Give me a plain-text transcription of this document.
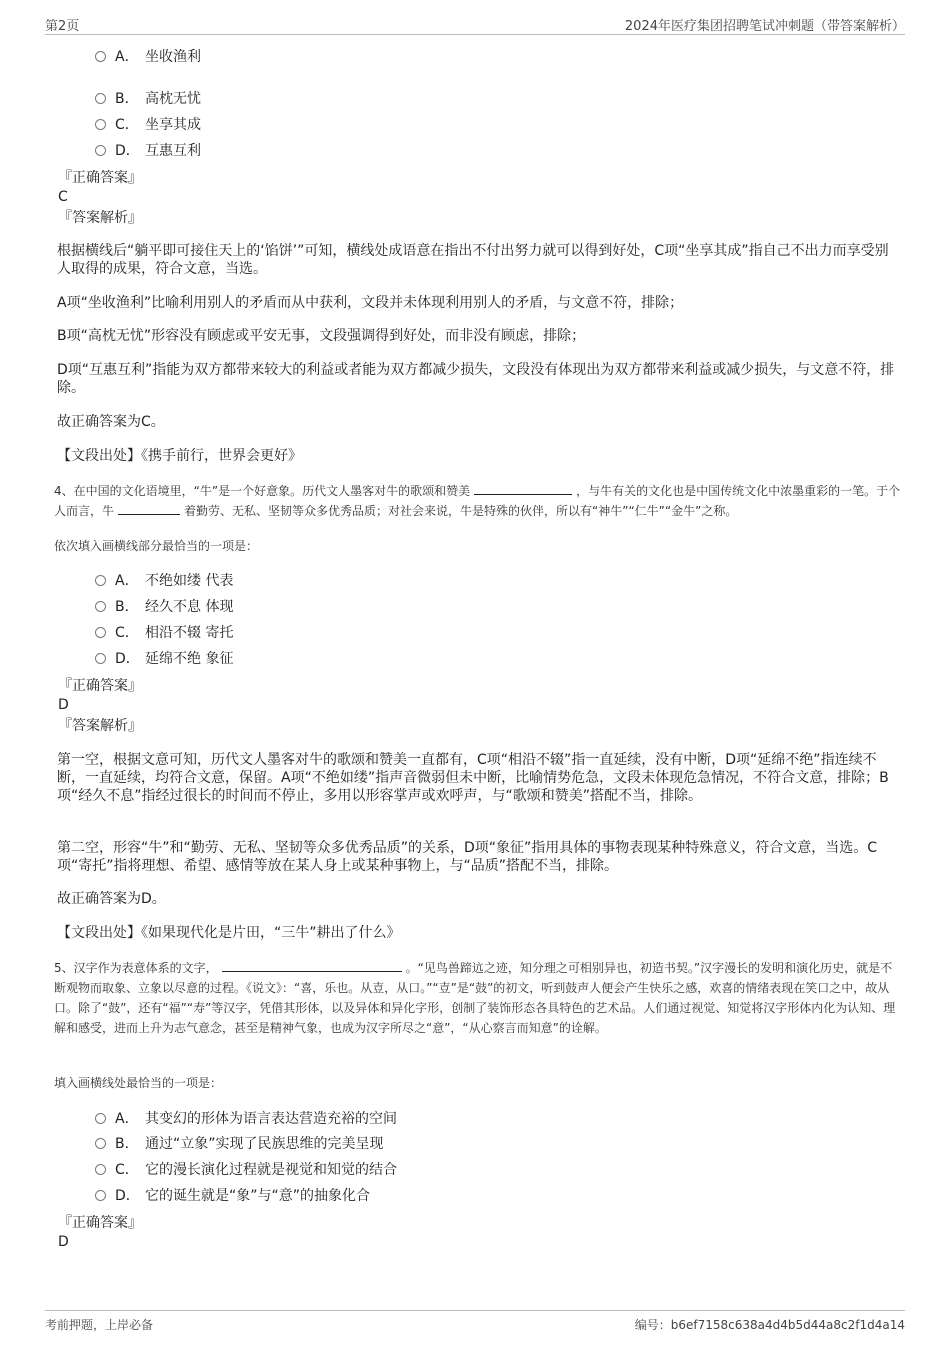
第2页	2024年医疗集团招聘笔试冲刺题（带答案解析）
A． 坐收渔利
B． 高枕无忧
C． 坐享其成
D． 互惠互利
『正确答案』
C
『答案解析』
根据横线后“躺平即可接住天上的‘馅饼’”可知，横线处成语意在指出不付出努力就可以得到好处，C项“坐享其成”指自己不出力而享受别人取得的成果，符合文意，当选。
A项“坐收渔利”比喻利用别人的矛盾而从中获利，文段并未体现利用别人的矛盾，与文意不符，排除；
B项“高枕无忧”形容没有顾虑或平安无事，文段强调得到好处，而非没有顾虑，排除；
D项“互惠互利”指能为双方都带来较大的利益或者能为双方都减少损失，文段没有体现出为双方都带来利益或减少损失，与文意不符，排除。
故正确答案为C。
【文段出处】《携手前行，世界会更好》
4、在中国的文化语境里，“牛”是一个好意象。历代文人墨客对牛的歌颂和赞美	，与牛有关的文化也是中国传统文化中浓墨重彩的一笔。于个人而言，牛	着勤劳、无私、坚韧等众多优秀品质；对社会来说，牛是特殊的伙伴，所以有“神牛”“仁牛”“金牛”之称。
依次填入画横线部分最恰当的一项是：
A． 不绝如缕 代表
B． 经久不息 体现
C． 相沿不辍 寄托
D． 延绵不绝 象征
『正确答案』
D
『答案解析』
第一空，根据文意可知，历代文人墨客对牛的歌颂和赞美一直都有，C项“相沿不辍”指一直延续，没有中断，D项“延绵不绝”指连续不断，一直延续，均符合文意，保留。A项“不绝如缕”指声音微弱但未中断，比喻情势危急，文段未体现危急情况，不符合文意，排除；B项“经久不息”指经过很长的时间而不停止，多用以形容掌声或欢呼声，与“歌颂和赞美”搭配不当，排除。
第二空，形容“牛”和“勤劳、无私、坚韧等众多优秀品质”的关系，D项“象征”指用具体的事物表现某种特殊意义，符合文意，当选。C项“寄托”指将理想、希望、感情等放在某人身上或某种事物上，与“品质”搭配不当，排除。
故正确答案为D。
【文段出处】《如果现代化是片田，“三牛”耕出了什么》
5、汉字作为表意体系的文字，	。“见鸟兽蹄迒之迹，知分理之可相别异也，初造书契。”汉字漫长的发明和演化历史，就是不断观物而取象、立象以尽意的过程。《说文》：“喜，乐也。从壴，从口。”“壴”是“鼓”的初文，听到鼓声人便会产生快乐之感，欢喜的情绪表现在笑口之中，故从口。除了“鼓”，还有“福”“寿”等汉字，凭借其形体，以及异体和异化字形，创制了装饰形态各具特色的艺术品。人们通过视觉、知觉将汉字形体内化为认知、理解和感受，进而上升为志气意念，甚至是精神气象，也成为汉字所尽之“意”，“从心察言而知意”的诠解。
填入画横线处最恰当的一项是：
A． 其变幻的形体为语言表达营造充裕的空间
B． 通过“立象”实现了民族思维的完美呈现
C． 它的漫长演化过程就是视觉和知觉的结合
D． 它的诞生就是“象”与“意”的抽象化合
『正确答案』
D
考前押题，上岸必备	编号：b6ef7158c638a4d4b5d44a8c2f1d4a14
